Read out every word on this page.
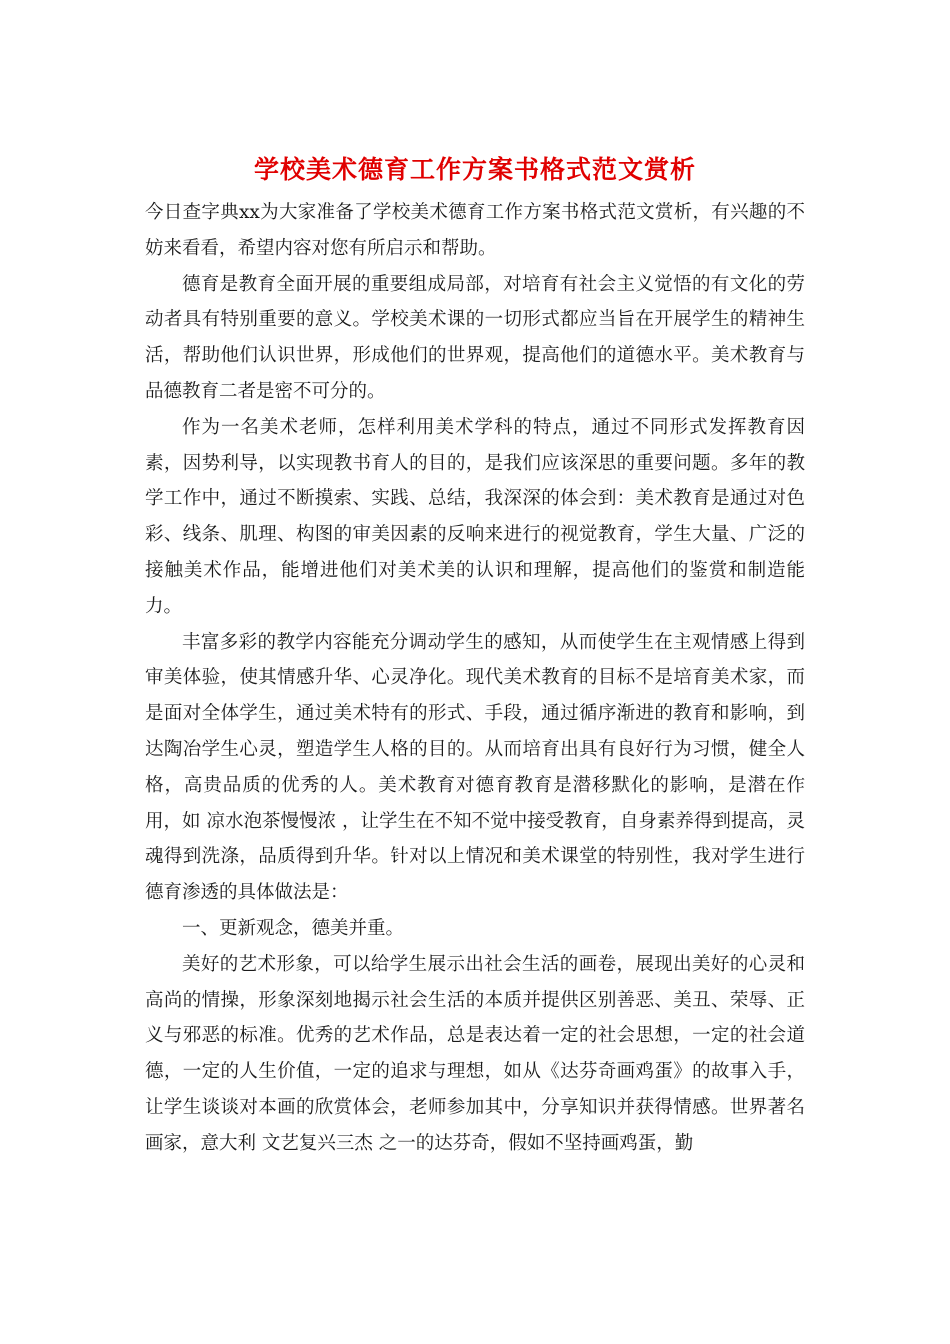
学校美术德育工作方案书格式范文赏析

今日查字典xx为大家准备了学校美术德育工作方案书格式范文赏析，有兴趣的不妨来看看，希望内容对您有所启示和帮助。

德育是教育全面开展的重要组成局部，对培育有社会主义觉悟的有文化的劳动者具有特别重要的意义。学校美术课的一切形式都应当旨在开展学生的精神生活，帮助他们认识世界，形成他们的世界观，提高他们的道德水平。美术教育与品德教育二者是密不可分的。

作为一名美术老师，怎样利用美术学科的特点，通过不同形式发挥教育因素，因势利导，以实现教书育人的目的，是我们应该深思的重要问题。多年的教学工作中，通过不断摸索、实践、总结，我深深的体会到：美术教育是通过对色彩、线条、肌理、构图的审美因素的反响来进行的视觉教育，学生大量、广泛的接触美术作品，能增进他们对美术美的认识和理解，提高他们的鉴赏和制造能力。

丰富多彩的教学内容能充分调动学生的感知，从而使学生在主观情感上得到审美体验，使其情感升华、心灵净化。现代美术教育的目标不是培育美术家，而是面对全体学生，通过美术特有的形式、手段，通过循序渐进的教育和影响，到达陶冶学生心灵，塑造学生人格的目的。从而培育出具有良好行为习惯，健全人格，高贵品质的优秀的人。美术教育对德育教育是潜移默化的影响，是潜在作用，如 凉水泡茶慢慢浓 ，让学生在不知不觉中接受教育，自身素养得到提高，灵魂得到洗涤，品质得到升华。针对以上情况和美术课堂的特别性，我对学生进行德育渗透的具体做法是：

一、更新观念，德美并重。

美好的艺术形象，可以给学生展示出社会生活的画卷，展现出美好的心灵和高尚的情操，形象深刻地揭示社会生活的本质并提供区别善恶、美丑、荣辱、正义与邪恶的标准。优秀的艺术作品，总是表达着一定的社会思想，一定的社会道德，一定的人生价值，一定的追求与理想，如从《达芬奇画鸡蛋》的故事入手，让学生谈谈对本画的欣赏体会，老师参加其中，分享知识并获得情感。世界著名画家，意大利 文艺复兴三杰 之一的达芬奇，假如不坚持画鸡蛋，勤
